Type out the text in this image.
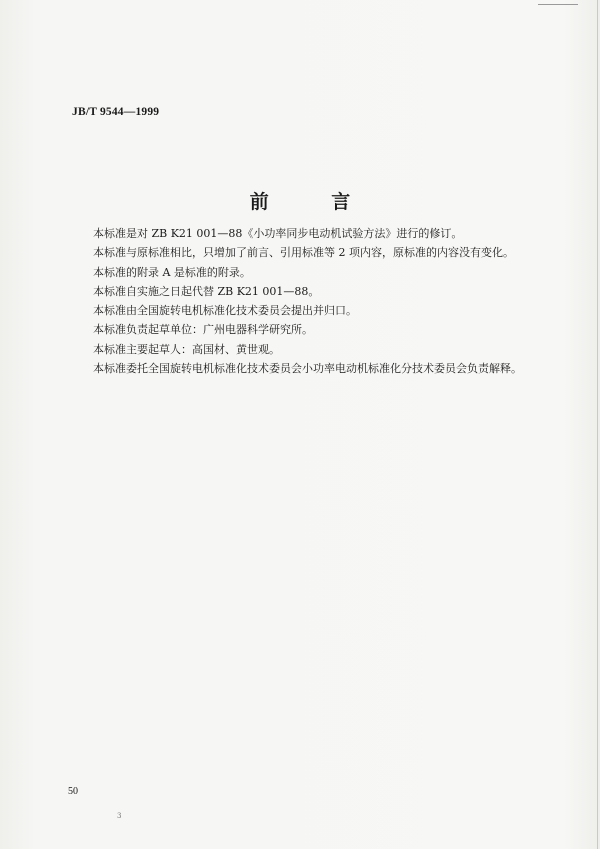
JB/T 9544—1999
前 言

本标准是对 ZB K21 001—88《小功率同步电动机试验方法》进行的修订。

本标准与原标准相比，只增加了前言、引用标准等 2 项内容，原标准的内容没有变化。

本标准的附录 A 是标准的附录。

本标准自实施之日起代替 ZB K21 001—88。

本标准由全国旋转电机标准化技术委员会提出并归口。

本标准负责起草单位：广州电器科学研究所。

本标准主要起草人：高国材、黄世观。

本标准委托全国旋转电机标准化技术委员会小功率电动机标准化分技术委员会负责解释。

50
3
